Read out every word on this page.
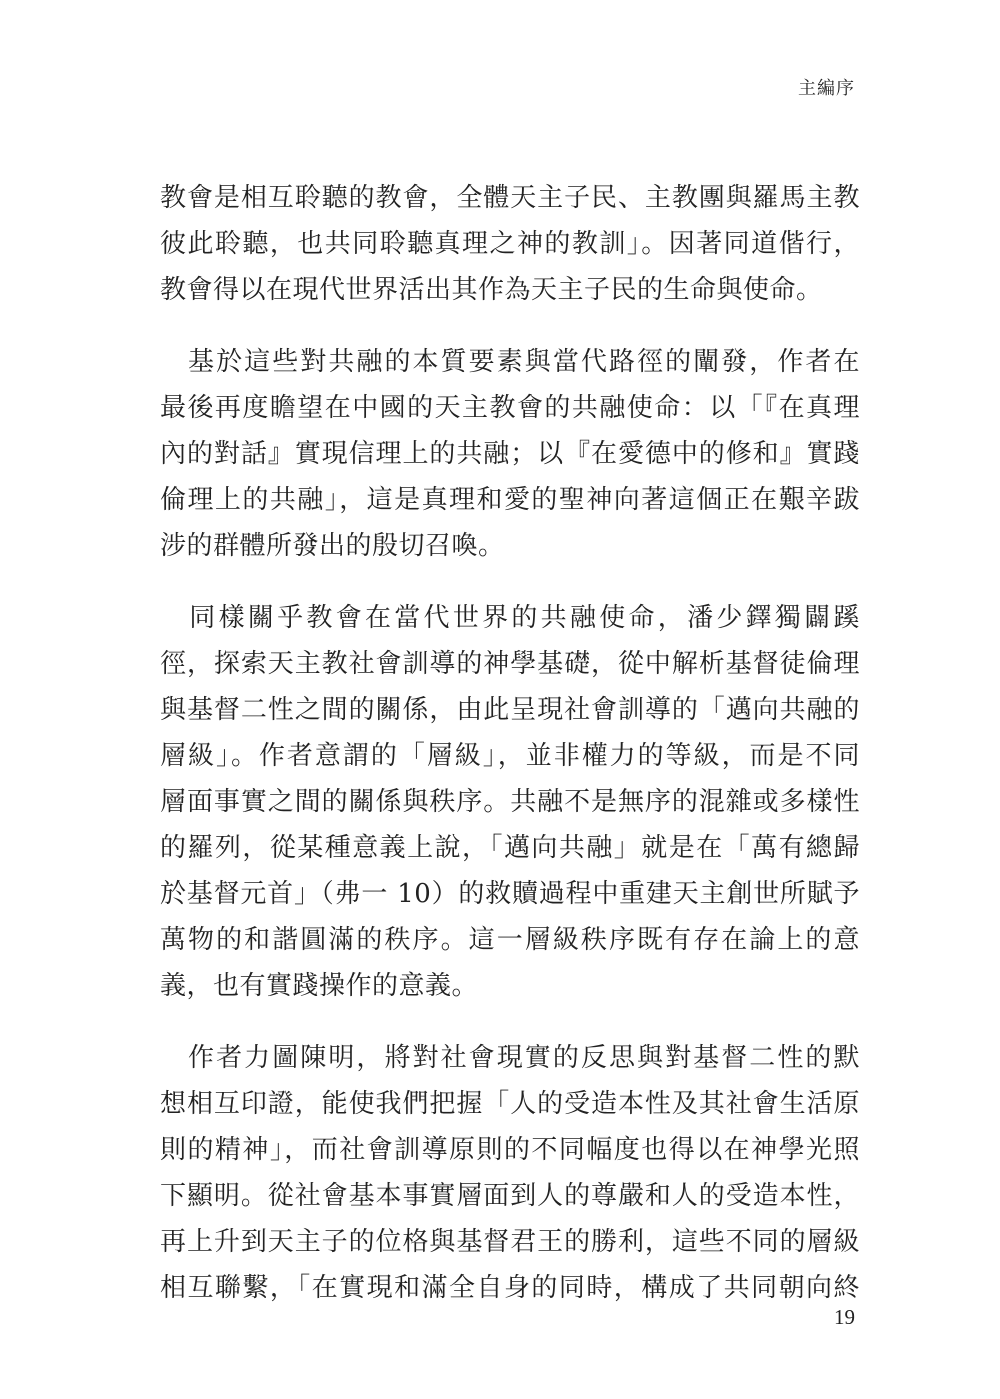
主編序
教會是相互聆聽的教會，全體天主子民、主教團與羅馬主教
彼此聆聽，也共同聆聽真理之神的教訓」。因著同道偕行，
教會得以在現代世界活出其作為天主子民的生命與使命。
　基於這些對共融的本質要素與當代路徑的闡發，作者在
最後再度瞻望在中國的天主教會的共融使命：以「『在真理
內的對話』實現信理上的共融；以『在愛德中的修和』實踐
倫理上的共融」，這是真理和愛的聖神向著這個正在艱辛跋
涉的群體所發出的殷切召喚。
　同樣關乎教會在當代世界的共融使命，潘少鐸獨闢蹊
徑，探索天主教社會訓導的神學基礎，從中解析基督徒倫理
與基督二性之間的關係，由此呈現社會訓導的「邁向共融的
層級」。作者意謂的「層級」，並非權力的等級，而是不同
層面事實之間的關係與秩序。共融不是無序的混雜或多樣性
的羅列，從某種意義上說，「邁向共融」就是在「萬有總歸
於基督元首」（弗一 10）的救贖過程中重建天主創世所賦予
萬物的和諧圓滿的秩序。這一層級秩序既有存在論上的意
義，也有實踐操作的意義。
　作者力圖陳明，將對社會現實的反思與對基督二性的默
想相互印證，能使我們把握「人的受造本性及其社會生活原
則的精神」，而社會訓導原則的不同幅度也得以在神學光照
下顯明。從社會基本事實層面到人的尊嚴和人的受造本性，
再上升到天主子的位格與基督君王的勝利，這些不同的層級
相互聯繫，「在實現和滿全自身的同時，構成了共同朝向終
19
